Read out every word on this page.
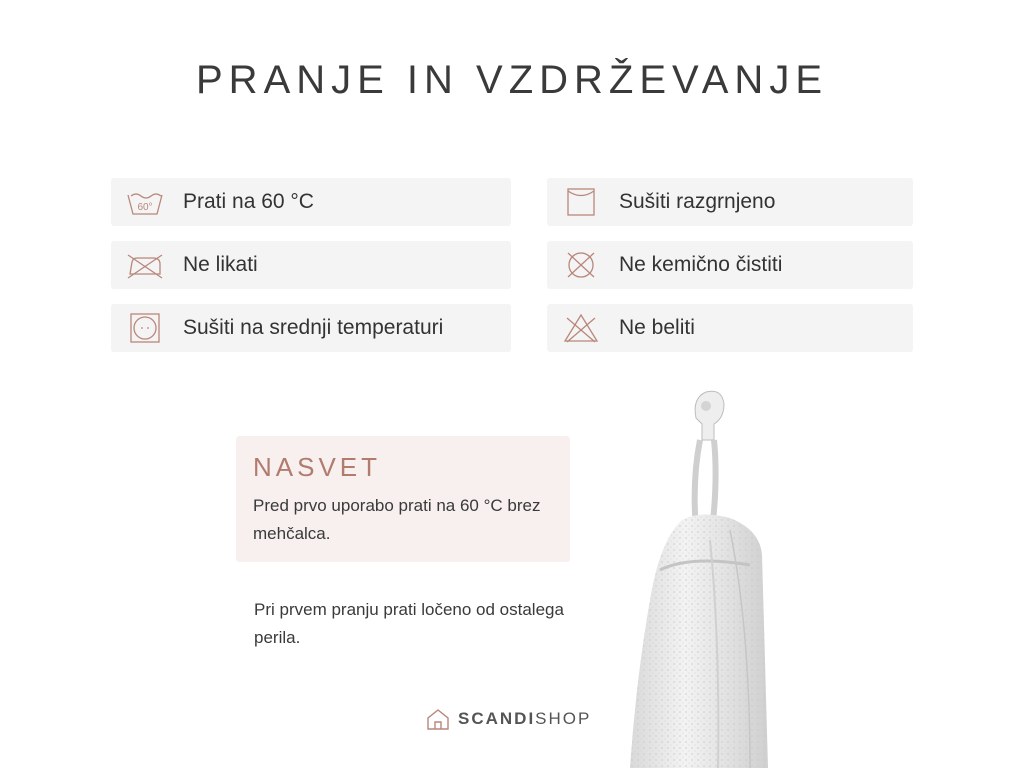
PRANJE IN VZDRŽEVANJE
60° Prati na 60 °C
Ne likati
Sušiti na srednji temperaturi
Sušiti razgrnjeno
Ne kemično čistiti
Ne beliti
NASVET
Pred prvo uporabo prati na 60 °C brez mehčalca.
Pri prvem pranju prati ločeno od ostalega perila.
SCANDI SHOP
